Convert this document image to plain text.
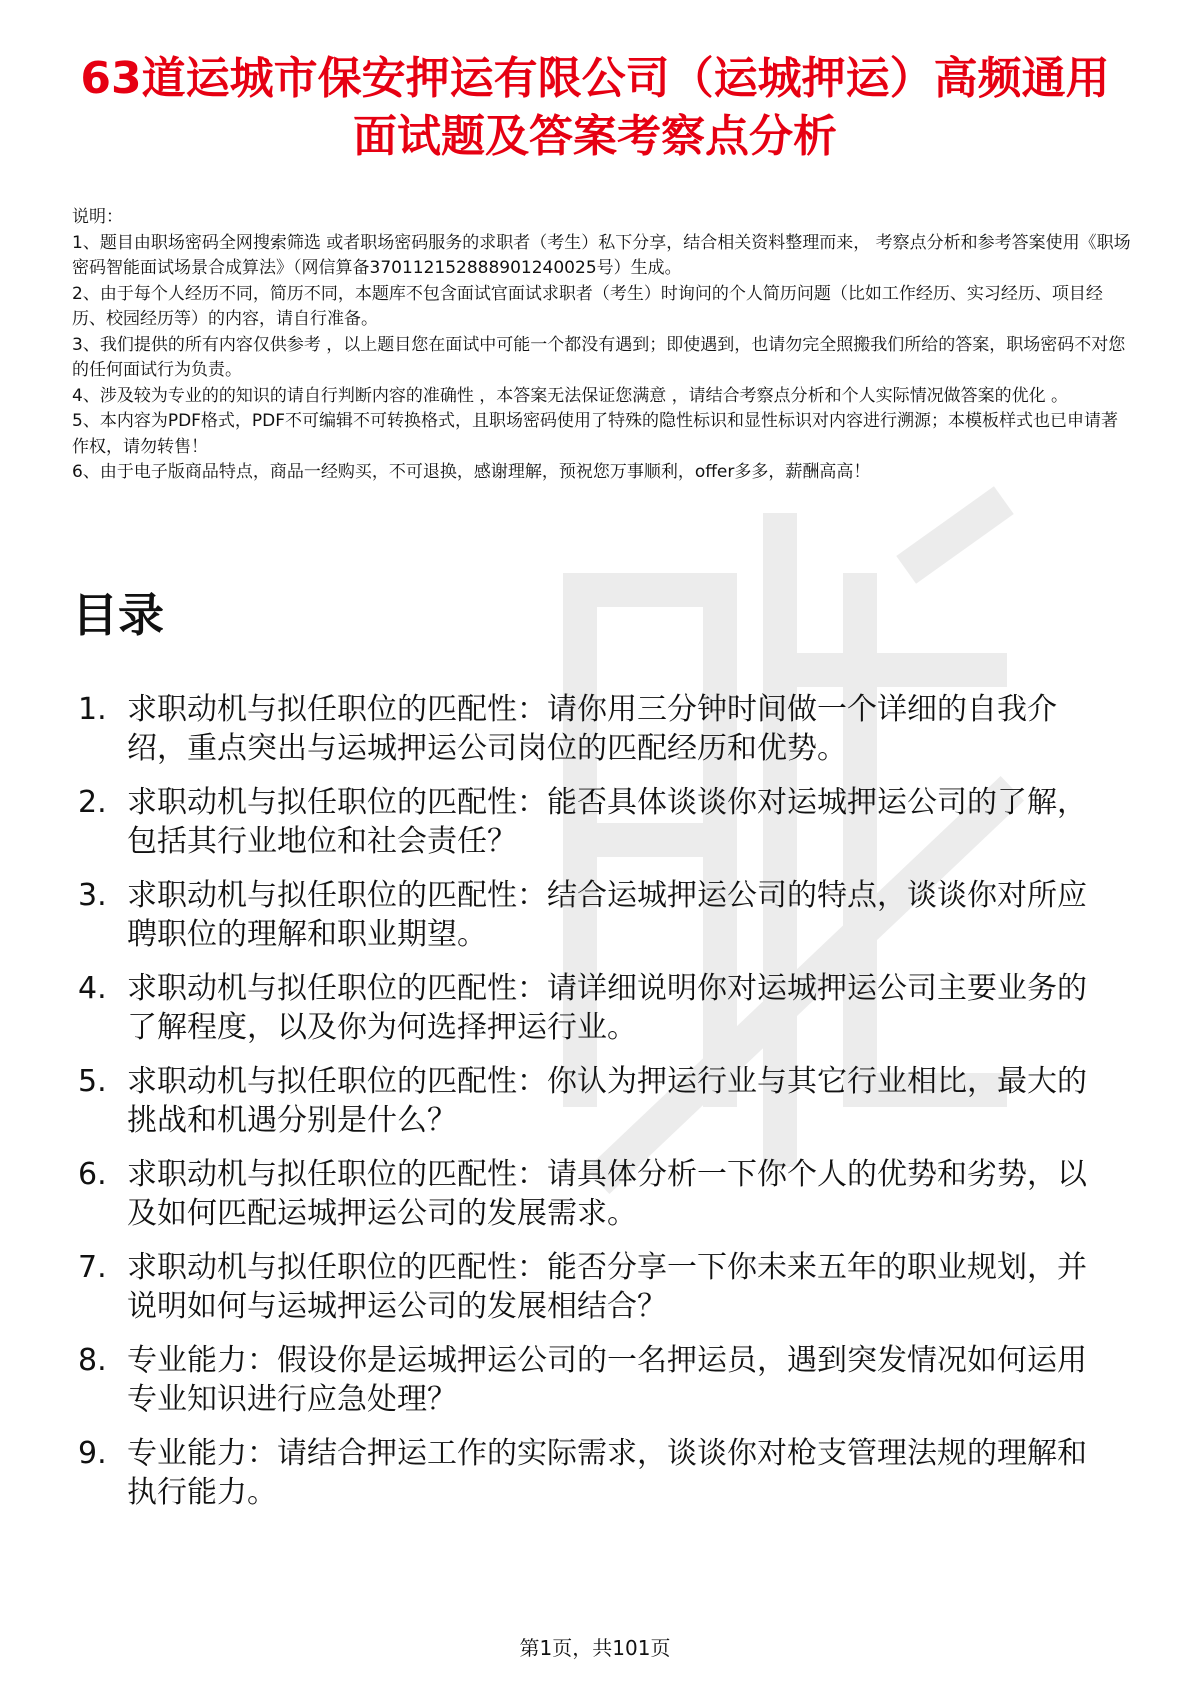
63道运城市保安押运有限公司（运城押运）高频通用面试题及答案考察点分析

说明：

1、题目由职场密码全网搜索筛选 或者职场密码服务的求职者（考生）私下分享，结合相关资料整理而来， 考察点分析和参考答案使用《职场密码智能面试场景合成算法》（网信算备370112152888901240025号）生成。

2、由于每个人经历不同，简历不同，本题库不包含面试官面试求职者（考生）时询问的个人简历问题（比如工作经历、实习经历、项目经历、校园经历等）的内容，请自行准备。

3、我们提供的所有内容仅供参考 ，以上题目您在面试中可能一个都没有遇到；即使遇到，也请勿完全照搬我们所给的答案，职场密码不对您的任何面试行为负责。

4、涉及较为专业的的知识的请自行判断内容的准确性 ，本答案无法保证您满意 ，请结合考察点分析和个人实际情况做答案的优化 。

5、本内容为PDF格式，PDF不可编辑不可转换格式，且职场密码使用了特殊的隐性标识和显性标识对内容进行溯源；本模板样式也已申请著作权，请勿转售！

6、由于电子版商品特点，商品一经购买，不可退换，感谢理解，预祝您万事顺利，offer多多，薪酬高高！

目录
1. 求职动机与拟任职位的匹配性：请你用三分钟时间做一个详细的自我介绍，重点突出与运城押运公司岗位的匹配经历和优势。
2. 求职动机与拟任职位的匹配性：能否具体谈谈你对运城押运公司的了解，包括其行业地位和社会责任？
3. 求职动机与拟任职位的匹配性：结合运城押运公司的特点，谈谈你对所应聘职位的理解和职业期望。
4. 求职动机与拟任职位的匹配性：请详细说明你对运城押运公司主要业务的了解程度，以及你为何选择押运行业。
5. 求职动机与拟任职位的匹配性：你认为押运行业与其它行业相比，最大的挑战和机遇分别是什么？
6. 求职动机与拟任职位的匹配性：请具体分析一下你个人的优势和劣势，以及如何匹配运城押运公司的发展需求。
7. 求职动机与拟任职位的匹配性：能否分享一下你未来五年的职业规划，并说明如何与运城押运公司的发展相结合？
8. 专业能力：假设你是运城押运公司的一名押运员，遇到突发情况如何运用专业知识进行应急处理？
9. 专业能力：请结合押运工作的实际需求，谈谈你对枪支管理法规的理解和执行能力。
第1页，共101页
